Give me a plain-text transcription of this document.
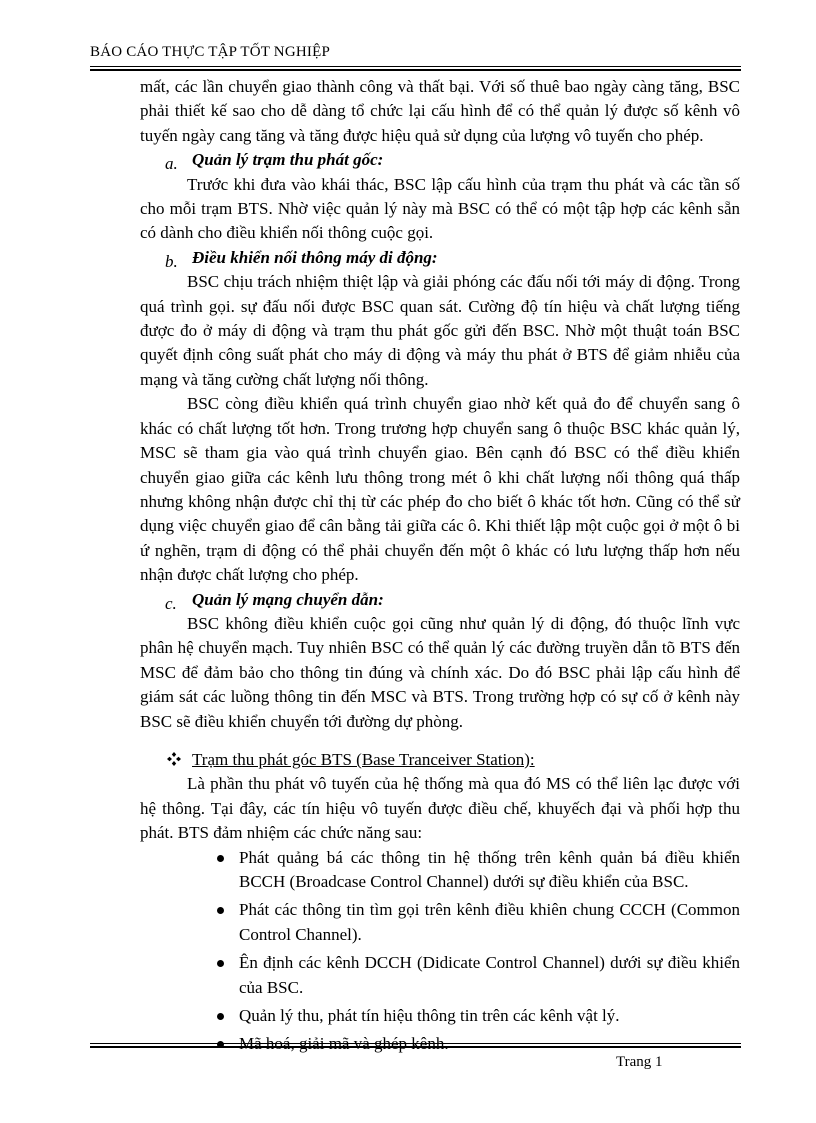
BÁO CÁO THỰC TẬP TỐT NGHIỆP

mất, các lần chuyển giao thành công và thất bại. Với số thuê bao ngày càng tăng, BSC phải thiết kế sao cho dễ dàng tổ chức lại cấu hình để có thể quản lý được số kênh vô tuyến ngày cang tăng và tăng được hiệu quả sử dụng của lượng vô tuyến cho phép.

a. Quản lý trạm thu phát gốc:

Trước khi đưa vào khái thác, BSC lập cấu hình của trạm thu phát và các tần số cho mỗi trạm BTS. Nhờ việc quản lý này mà BSC có thể có một tập hợp các kênh sẵn có dành cho điều khiển nối thông cuộc gọi.

b. Điều khiển nối thông máy di động:

BSC chịu trách nhiệm thiệt lập và giải phóng các đấu nối tới máy di động. Trong quá trình gọi. sự đấu nối được BSC quan sát. Cường độ tín hiệu và chất lượng tiếng được đo ở máy di động và trạm thu phát gốc gửi đến BSC. Nhờ một thuật toán BSC quyết định công suất phát cho máy di động và máy thu phát ở BTS để giảm nhiễu của mạng và tăng cường chất lượng nối thông.

BSC còng điều khiển quá trình chuyển giao nhờ kết quả đo để chuyển sang ô khác có chất lượng tốt hơn. Trong trương hợp chuyển sang ô thuộc BSC khác quản lý, MSC sẽ tham gia vào quá trình chuyển giao. Bên cạnh đó BSC có thể điều khiển chuyển giao giữa các kênh lưu thông trong mét ô khi chất lượng nối thông quá thấp nhưng không nhận được chỉ thị từ các phép đo cho biết ô khác tốt hơn. Cũng có thể sử dụng việc chuyển giao để cân bằng tải giữa các ô. Khi thiết lập một cuộc gọi ở một ô bi ứ nghẽn, trạm di động có thể phải chuyển đến một ô khác có lưu lượng thấp hơn nếu nhận được chất lượng cho phép.

c. Quản lý mạng chuyển dẫn:

BSC không điều khiển cuộc gọi cũng như quản lý di động, đó thuộc lĩnh vực phân hệ chuyển mạch. Tuy nhiên BSC có thể quản lý các đường truyền dẫn tõ BTS đến MSC để đảm bảo cho thông tin đúng và chính xác. Do đó BSC phải lập cấu hình để giám sát các luồng thông tin đến MSC và BTS. Trong trường hợp có sự cố ở kênh này BSC sẽ điều khiển chuyển tới đường dự phòng.

Trạm thu phát góc BTS (Base Tranceiver Station):

Là phần thu phát vô tuyến của hệ thống mà qua đó MS có thể liên lạc được với hệ thông. Tại đây, các tín hiệu vô tuyến được điều chế, khuyếch đại và phối hợp thu phát. BTS đảm nhiệm các chức năng sau:

Phát quảng bá các thông tin hệ thống trên kênh quản bá điều khiển BCCH (Broadcase Control Channel) dưới sự điều khiển của BSC.
Phát các thông tin tìm gọi trên kênh điều khiên chung CCCH (Common Control Channel).
Ên định các kênh DCCH (Didicate Control Channel) dưới sự điều khiển của BSC.
Quản lý thu, phát tín hiệu thông tin trên các kênh vật lý.
Mã hoá, giải mã và ghép kênh.
Trang 1
